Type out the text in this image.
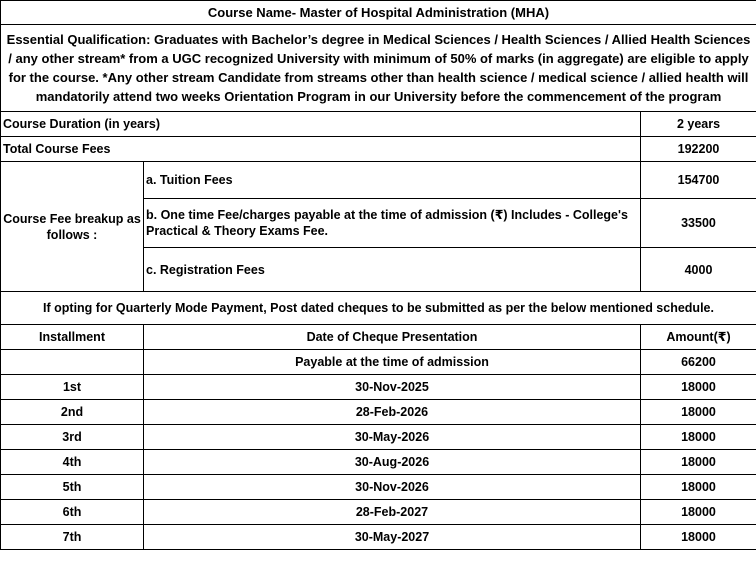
Course Name- Master of Hospital Administration (MHA)		
Essential Qualification: Graduates with Bachelor’s degree in Medical Sciences / Health Sciences / Allied Health Sciences / any other stream* from a UGC recognized University with minimum of 50% of marks (in aggregate) are eligible to apply for the course. *Any other stream Candidate from streams other than health science / medical science / allied health will mandatorily attend two weeks Orientation Program in our University before the commencement of the program		
Course Duration (in years)		2 years
Total Course Fees		192200
Course Fee breakup as follows :	a. Tuition Fees	154700
	b. One time Fee/charges payable at the time of admission (₹) Includes - College's Practical & Theory Exams Fee.	33500
	c. Registration Fees	4000
If opting for Quarterly Mode Payment, Post dated cheques to be submitted as per the below mentioned schedule.		
Installment	Date of Cheque Presentation	Amount(₹)
	Payable at the time of admission	66200
1st	30-Nov-2025	18000
2nd	28-Feb-2026	18000
3rd	30-May-2026	18000
4th	30-Aug-2026	18000
5th	30-Nov-2026	18000
6th	28-Feb-2027	18000
7th	30-May-2027	18000
